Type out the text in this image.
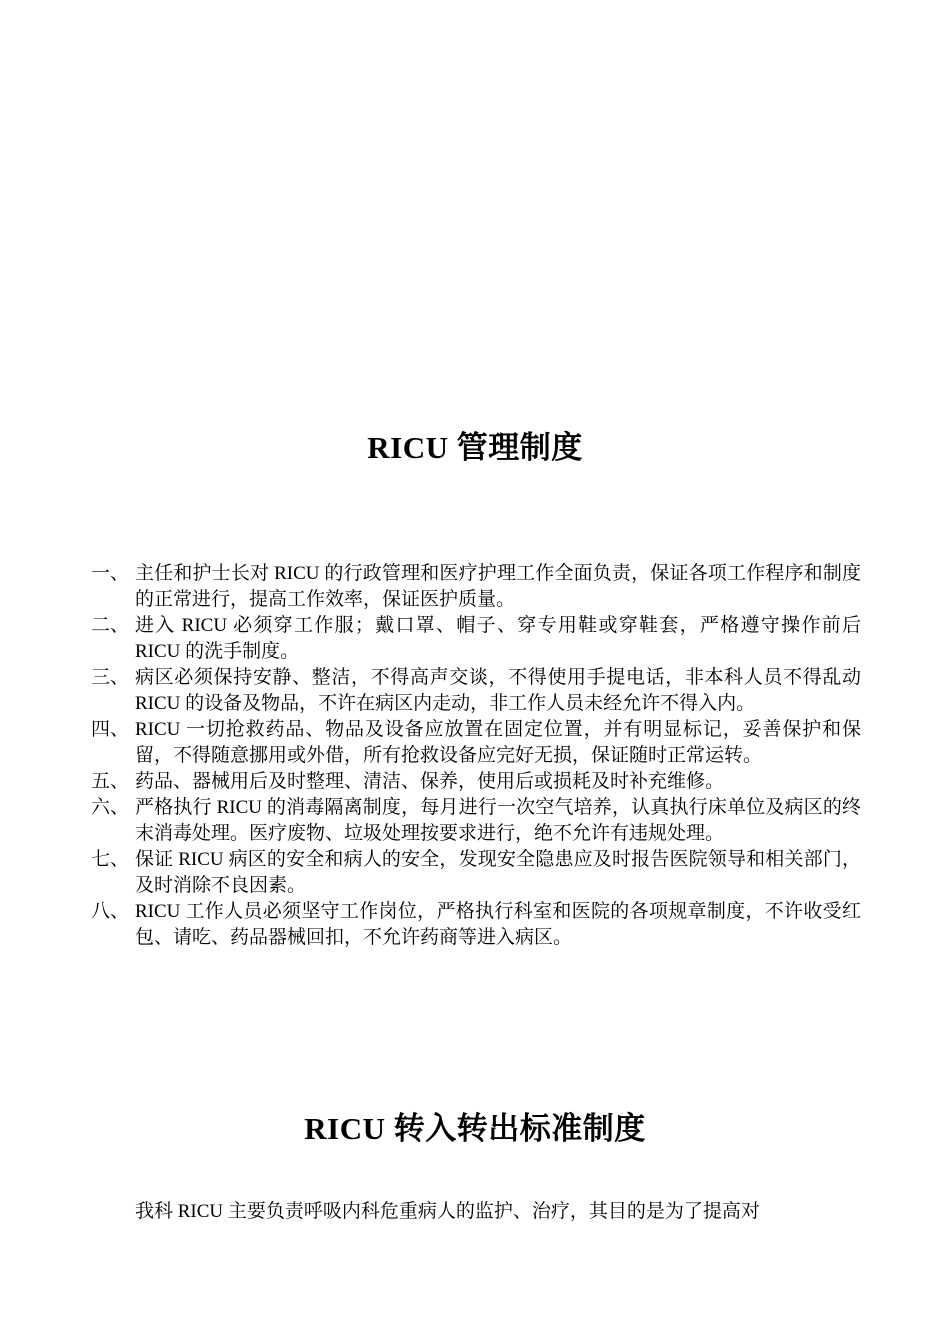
RICU 管理制度
一、 主任和护士长对 RICU 的行政管理和医疗护理工作全面负责，保证各项工作程序和制度的正常进行，提高工作效率，保证医护质量。
二、 进入 RICU 必须穿工作服；戴口罩、帽子、穿专用鞋或穿鞋套，严格遵守操作前后 RICU 的洗手制度。
三、 病区必须保持安静、整洁，不得高声交谈，不得使用手提电话，非本科人员不得乱动 RICU 的设备及物品，不许在病区内走动，非工作人员未经允许不得入内。
四、 RICU 一切抢救药品、物品及设备应放置在固定位置，并有明显标记，妥善保护和保留，不得随意挪用或外借，所有抢救设备应完好无损，保证随时正常运转。
五、 药品、器械用后及时整理、清洁、保养，使用后或损耗及时补充维修。
六、 严格执行 RICU 的消毒隔离制度，每月进行一次空气培养，认真执行床单位及病区的终末消毒处理。医疗废物、垃圾处理按要求进行，绝不允许有违规处理。
七、 保证 RICU 病区的安全和病人的安全，发现安全隐患应及时报告医院领导和相关部门，及时消除不良因素。
八、 RICU 工作人员必须坚守工作岗位，严格执行科室和医院的各项规章制度，不许收受红包、请吃、药品器械回扣，不允许药商等进入病区。
RICU 转入转出标准制度

我科 RICU 主要负责呼吸内科危重病人的监护、治疗，其目的是为了提高对
